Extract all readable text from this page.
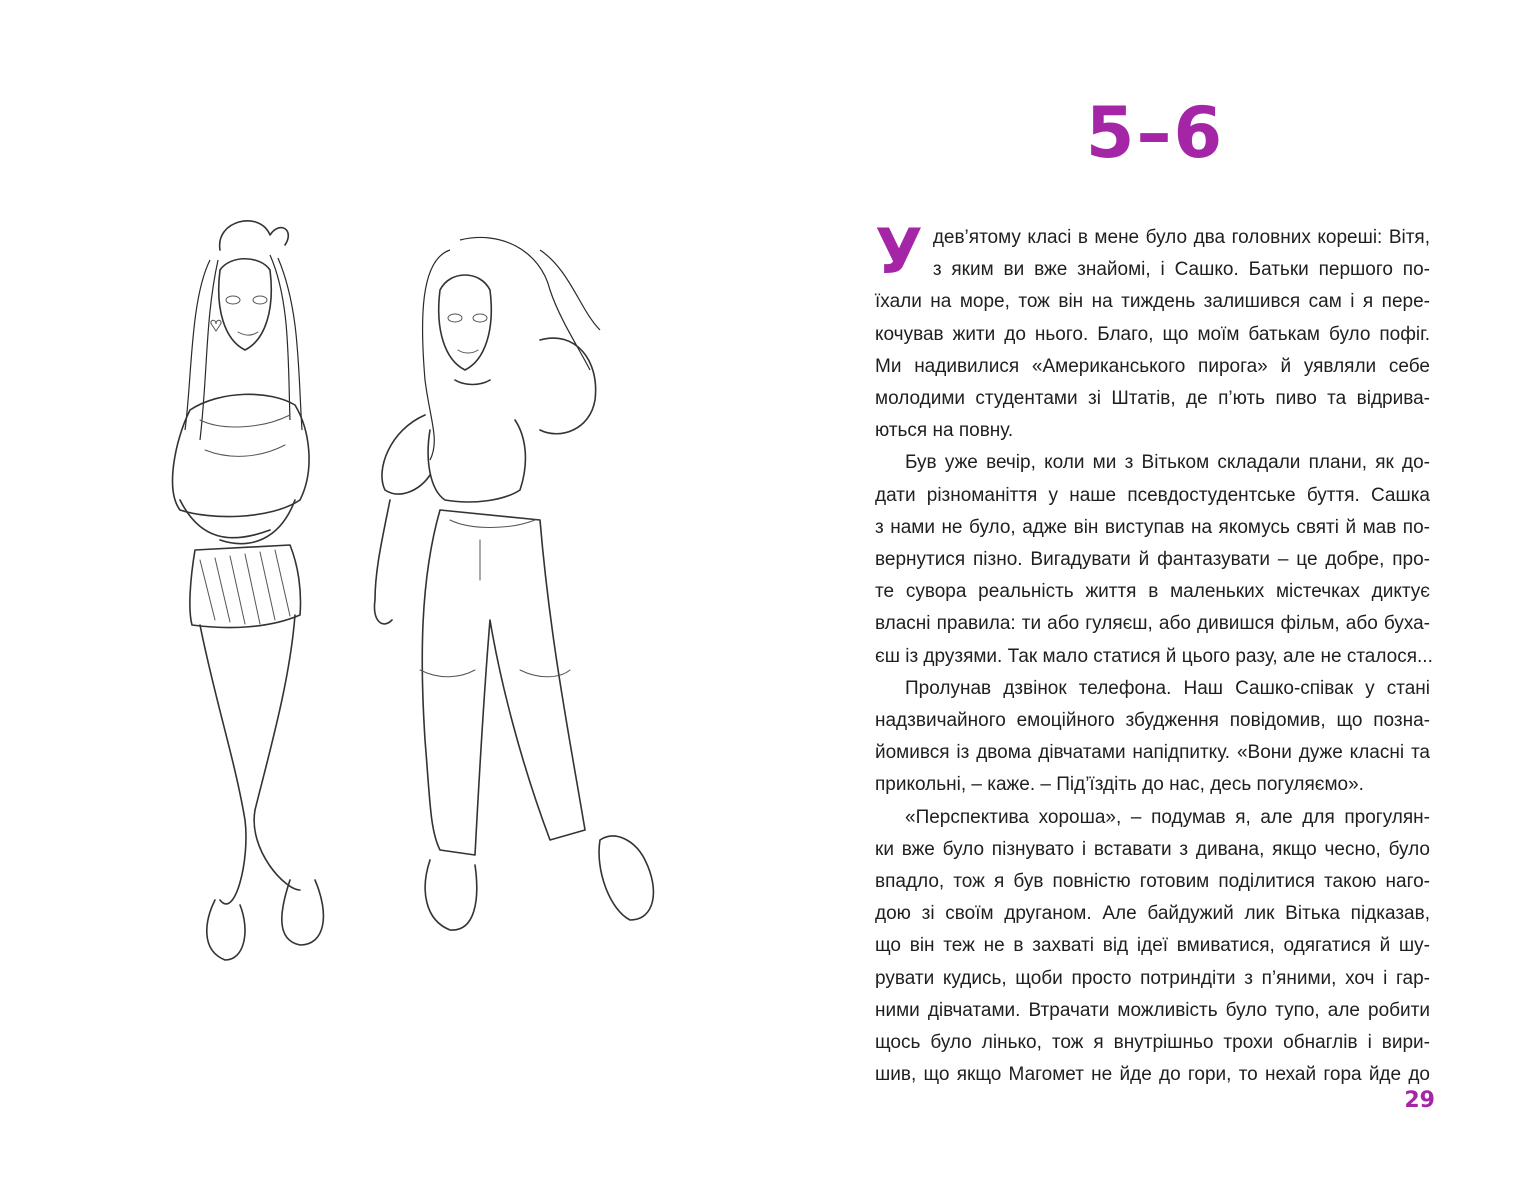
5–6

У дев’ятому класі в мене було два головних кореші: Вітя,
з яким ви вже знайомі, і Сашко. Батьки першого по-
їхали на море, тож він на тиждень залишився сам і я пере-
кочував жити до нього. Благо, що моїм батькам було пофіг.
Ми надивилися «Американського пирога» й уявляли себе
молодими студентами зі Штатів, де п’ють пиво та відрива-
ються на повну.

Був уже вечір, коли ми з Вітьком складали плани, як до-
дати різноманіття у наше псевдостудентське буття. Сашка
з нами не було, адже він виступав на якомусь святі й мав по-
вернутися пізно. Вигадувати й фантазувати – це добре, про-
те сувора реальність життя в маленьких містечках диктує
власні правила: ти або гуляєш, або дивишся фільм, або буха-
єш із друзями. Так мало статися й цього разу, але не сталося...

Пролунав дзвінок телефона. Наш Сашко-співак у стані
надзвичайного емоційного збудження повідомив, що позна-
йомився із двома дівчатами напідпитку. «Вони дуже класні та
прикольні, – каже. – Під’їздіть до нас, десь погуляємо».

«Перспектива хороша», – подумав я, але для прогулян-
ки вже було пізнувато і вставати з дивана, якщо чесно, було
впадло, тож я був повністю готовим поділитися такою наго-
дою зі своїм друганом. Але байдужий лик Вітька підказав,
що він теж не в захваті від ідеї вмиватися, одягатися й шу-
рувати кудись, щоби просто потриндіти з п’яними, хоч і гар-
ними дівчатами. Втрачати можливість було тупо, але робити
щось було лінько, тож я внутрішньо трохи обнаглів і вири-
шив, що якщо Магомет не йде до гори, то нехай гора йде до

29
